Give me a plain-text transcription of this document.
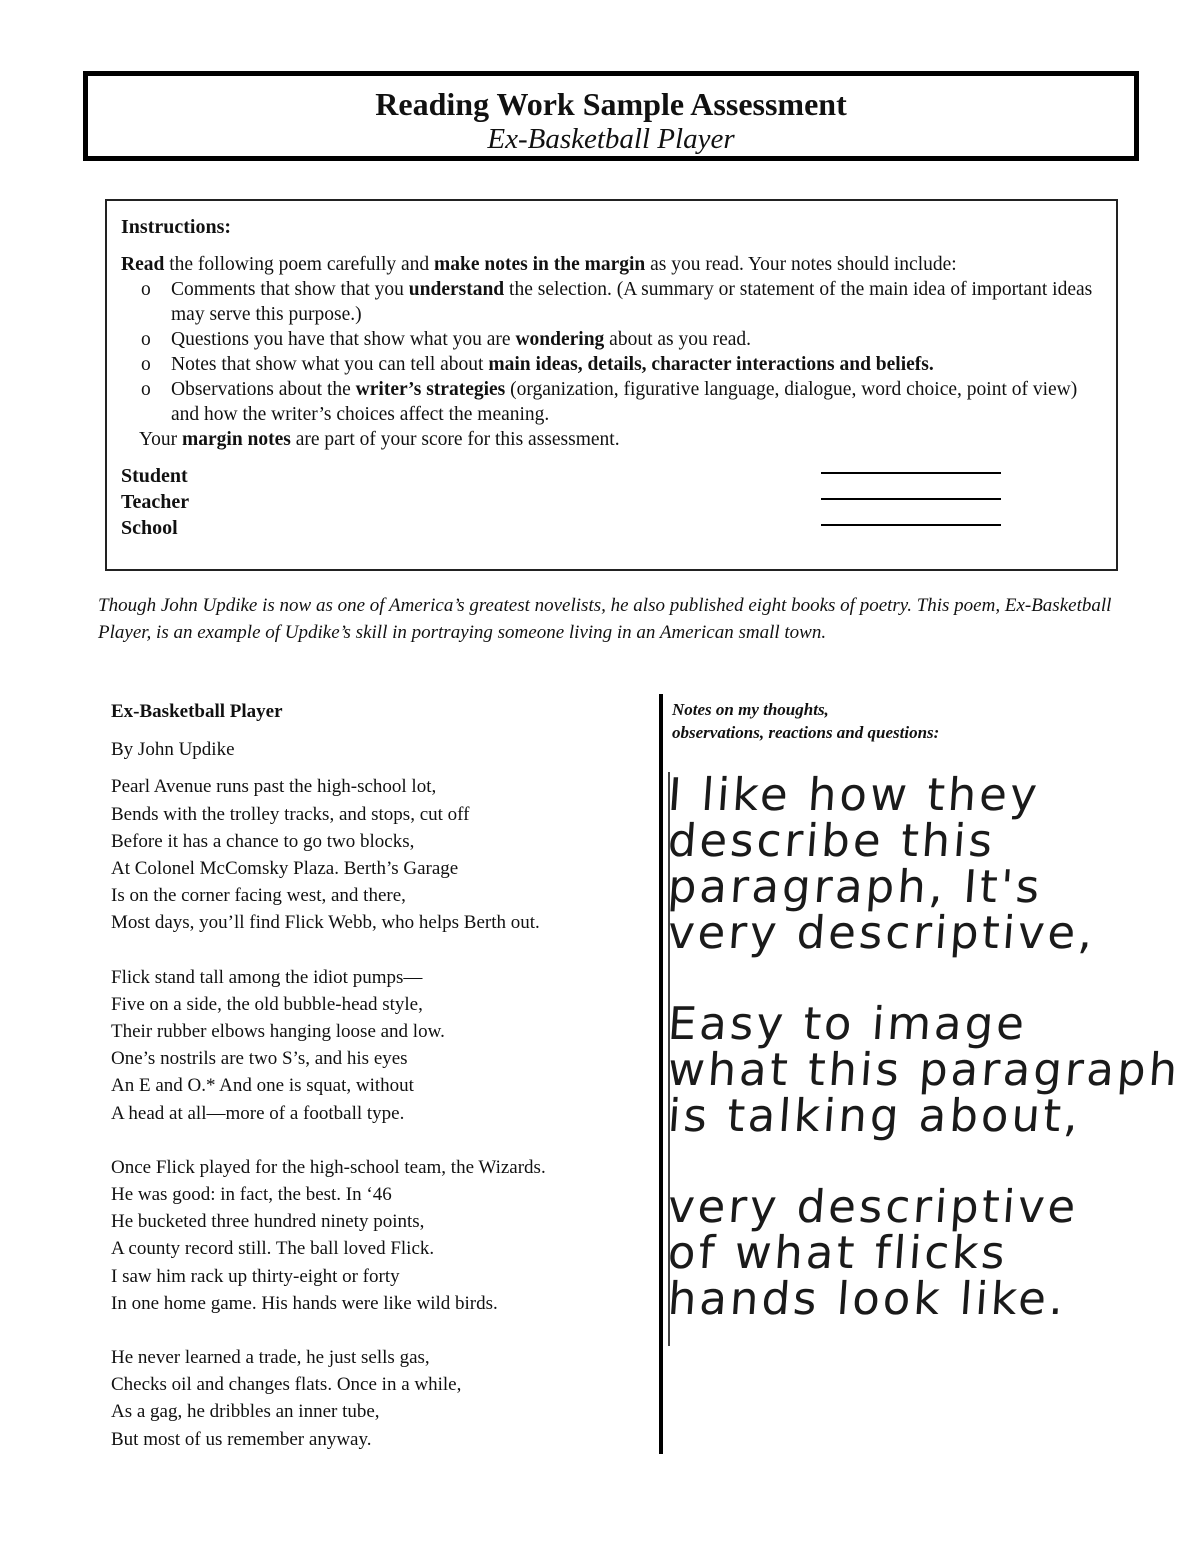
Reading Work Sample Assessment
Ex-Basketball Player
Instructions:

Read the following poem carefully and make notes in the margin as you read. Your notes should include:

o Comments that show that you understand the selection. (A summary or statement of the main idea of important ideas may serve this purpose.)
o Questions you have that show what you are wondering about as you read.
o Notes that show what you can tell about main ideas, details, character interactions and beliefs.
o Observations about the writer’s strategies (organization, figurative language, dialogue, word choice, point of view) and how the writer’s choices affect the meaning.

Your margin notes are part of your score for this assessment.

Student
Teacher
School
Though John Updike is now as one of America’s greatest novelists, he also published eight books of poetry. This poem, Ex-Basketball Player, is an example of Updike’s skill in portraying someone living in an American small town.
Ex-Basketball Player
By John Updike
Pearl Avenue runs past the high-school lot,
Bends with the trolley tracks, and stops, cut off
Before it has a chance to go two blocks,
At Colonel McComsky Plaza. Berth’s Garage
Is on the corner facing west, and there,
Most days, you’ll find Flick Webb, who helps Berth out.
Flick stand tall among the idiot pumps—
Five on a side, the old bubble-head style,
Their rubber elbows hanging loose and low.
One’s nostrils are two S’s, and his eyes
An E and O.* And one is squat, without
A head at all—more of a football type.
Once Flick played for the high-school team, the Wizards.
He was good: in fact, the best. In ‘46
He bucketed three hundred ninety points,
A county record still. The ball loved Flick.
I saw him rack up thirty-eight or forty
In one home game. His hands were like wild birds.
He never learned a trade, he just sells gas,
Checks oil and changes flats. Once in a while,
As a gag, he dribbles an inner tube,
But most of us remember anyway.
Notes on my thoughts,
observations, reactions and questions:
I like how they
describe this
paragraph, It's
very descriptive,
Easy to image
what this paragraph
is talking about,
very descriptive
of what flicks
hands look like.
